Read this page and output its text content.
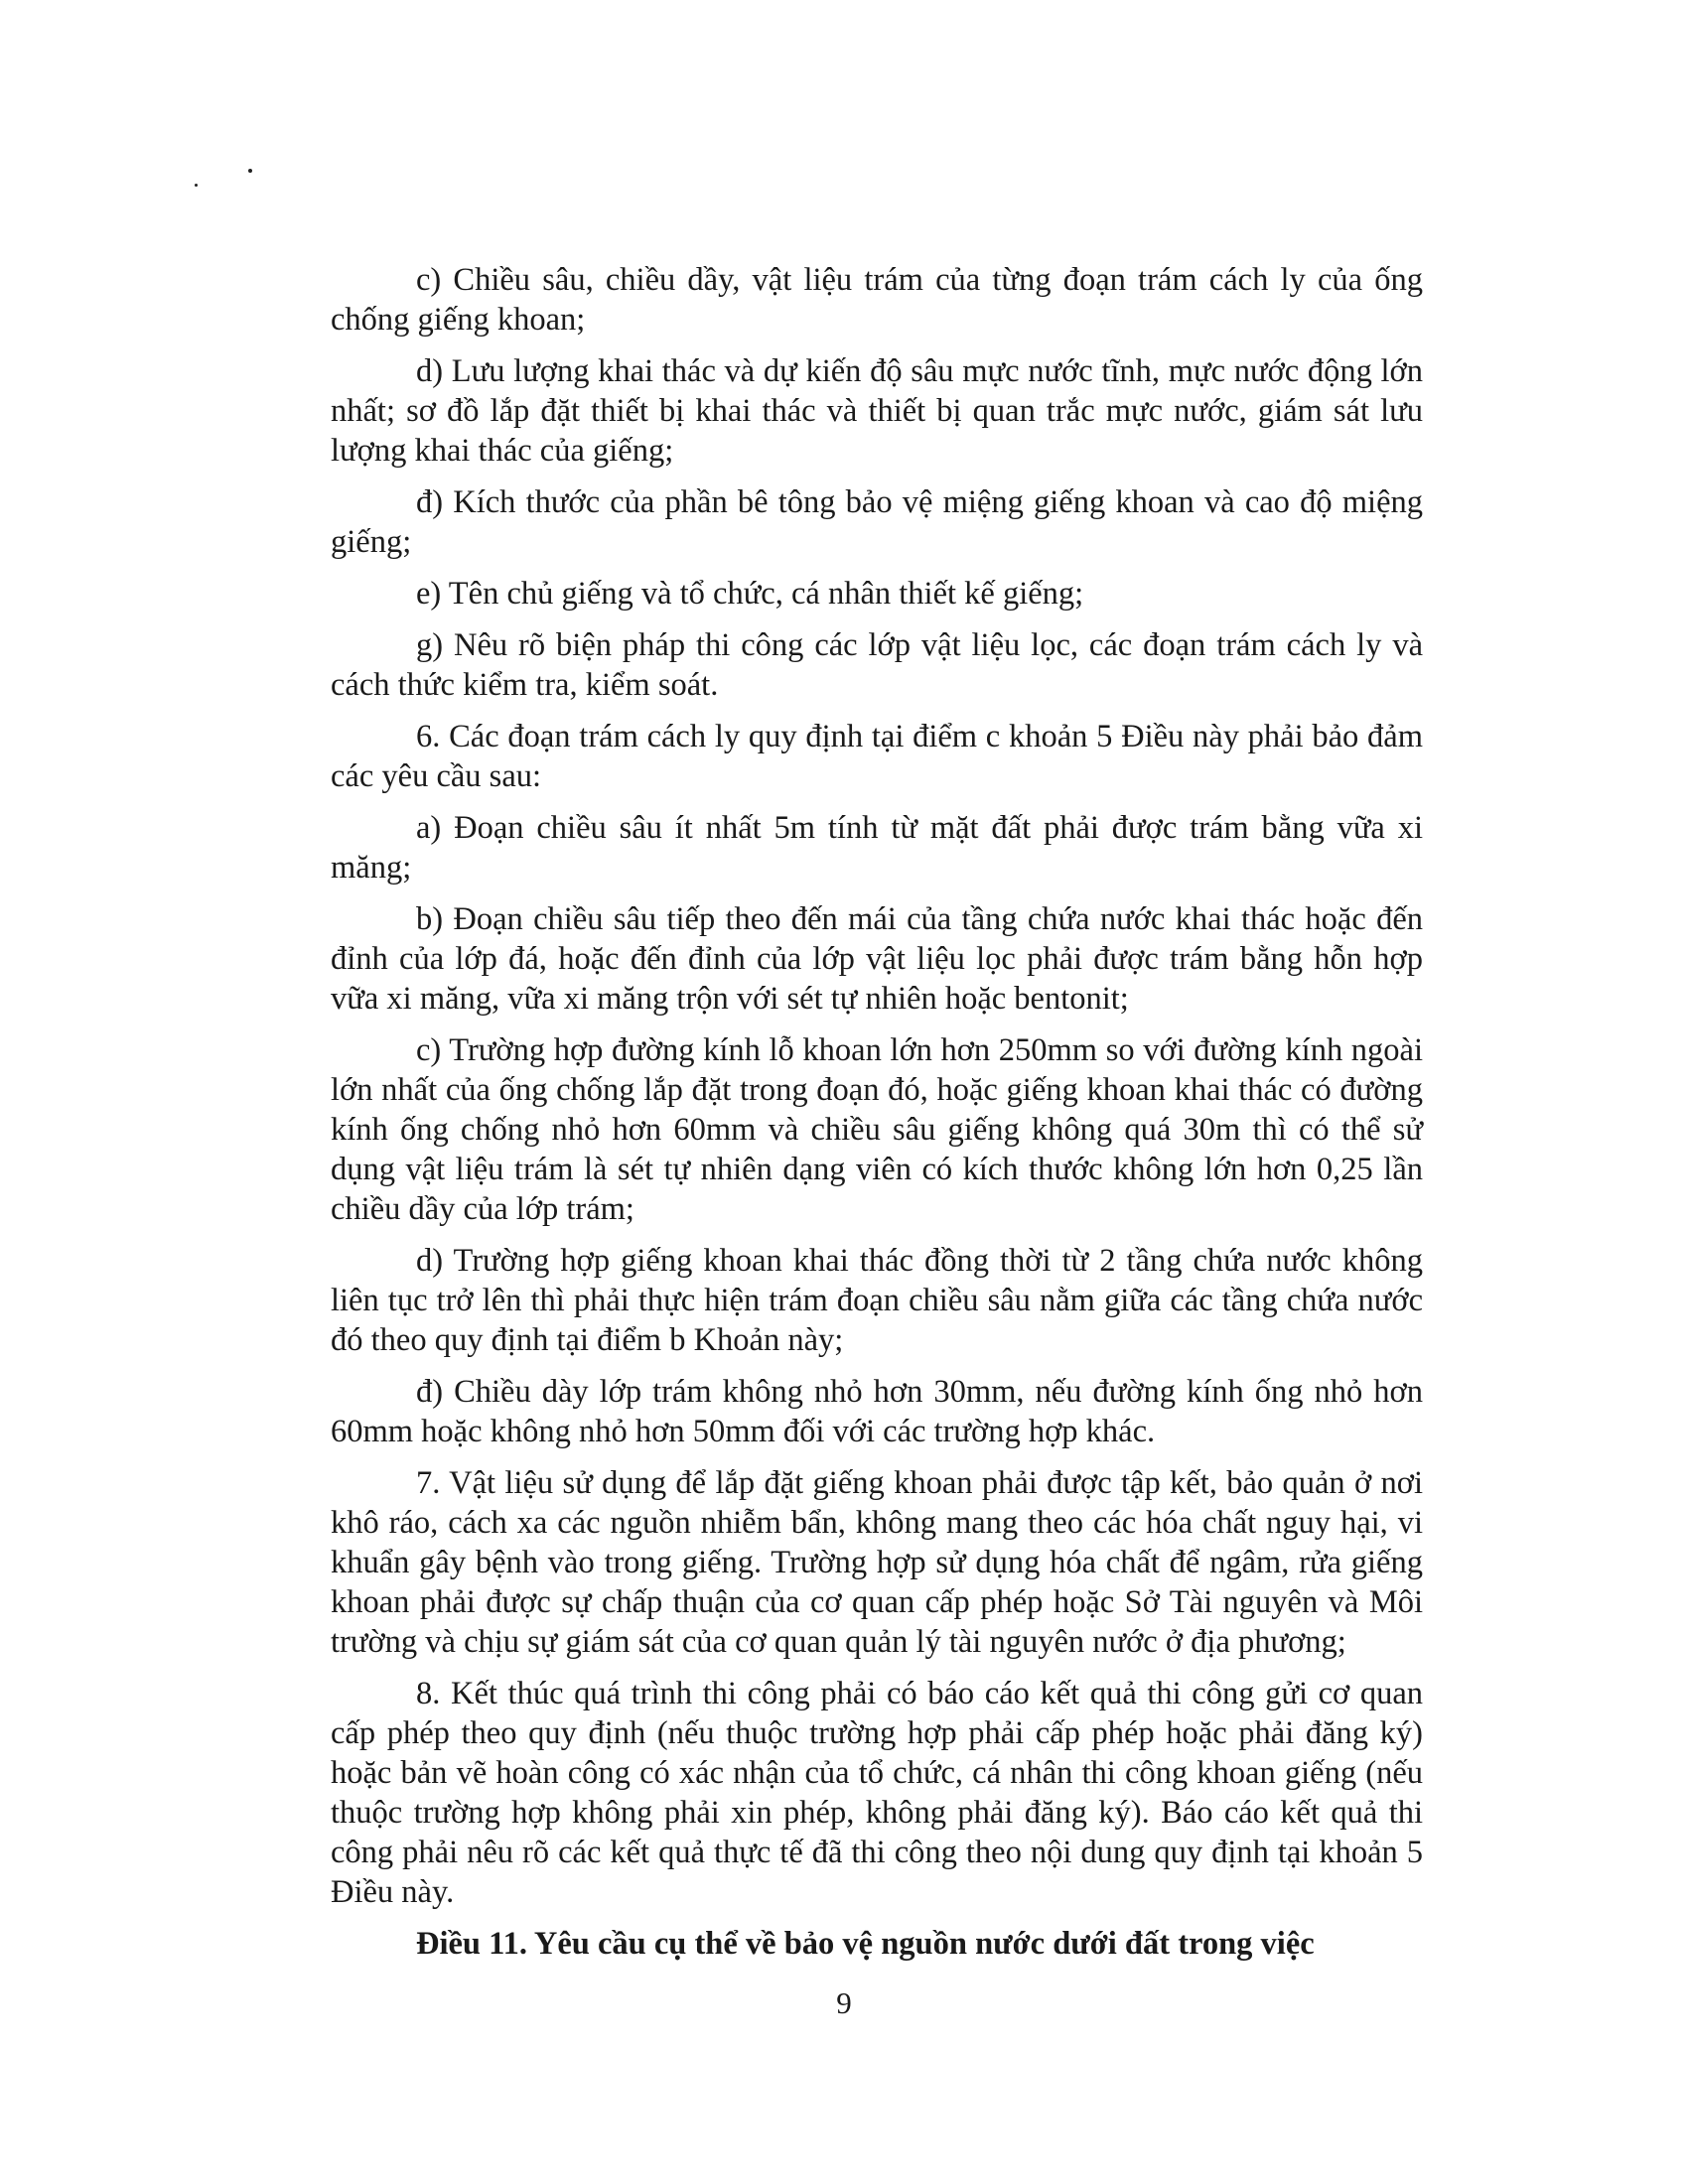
c) Chiều sâu, chiều dầy, vật liệu trám của từng đoạn trám cách ly của ống chống giếng khoan;

d) Lưu lượng khai thác và dự kiến độ sâu mực nước tĩnh, mực nước động lớn nhất; sơ đồ lắp đặt thiết bị khai thác và thiết bị quan trắc mực nước, giám sát lưu lượng khai thác của giếng;

đ) Kích thước của phần bê tông bảo vệ miệng giếng khoan và cao độ miệng giếng;

e) Tên chủ giếng và tổ chức, cá nhân thiết kế giếng;

g) Nêu rõ biện pháp thi công các lớp vật liệu lọc, các đoạn trám cách ly và cách thức kiểm tra, kiểm soát.

6. Các đoạn trám cách ly quy định tại điểm c khoản 5 Điều này phải bảo đảm các yêu cầu sau:

a) Đoạn chiều sâu ít nhất 5m tính từ mặt đất phải được trám bằng vữa xi măng;

b) Đoạn chiều sâu tiếp theo đến mái của tầng chứa nước khai thác hoặc đến đỉnh của lớp đá, hoặc đến đỉnh của lớp vật liệu lọc phải được trám bằng hỗn hợp vữa xi măng, vữa xi măng trộn với sét tự nhiên hoặc bentonit;

c) Trường hợp đường kính lỗ khoan lớn hơn 250mm so với đường kính ngoài lớn nhất của ống chống lắp đặt trong đoạn đó, hoặc giếng khoan khai thác có đường kính ống chống nhỏ hơn 60mm và chiều sâu giếng không quá 30m thì có thể sử dụng vật liệu trám là sét tự nhiên dạng viên có kích thước không lớn hơn 0,25 lần chiều dầy của lớp trám;

d) Trường hợp giếng khoan khai thác đồng thời từ 2 tầng chứa nước không liên tục trở lên thì phải thực hiện trám đoạn chiều sâu nằm giữa các tầng chứa nước đó theo quy định tại điểm b Khoản này;

đ) Chiều dày lớp trám không nhỏ hơn 30mm, nếu đường kính ống nhỏ hơn 60mm hoặc không nhỏ hơn 50mm đối với các trường hợp khác.

7. Vật liệu sử dụng để lắp đặt giếng khoan phải được tập kết, bảo quản ở nơi khô ráo, cách xa các nguồn nhiễm bẩn, không mang theo các hóa chất nguy hại, vi khuẩn gây bệnh vào trong giếng. Trường hợp sử dụng hóa chất để ngâm, rửa giếng khoan phải được sự chấp thuận của cơ quan cấp phép hoặc Sở Tài nguyên và Môi trường và chịu sự giám sát của cơ quan quản lý tài nguyên nước ở địa phương;

8. Kết thúc quá trình thi công phải có báo cáo kết quả thi công gửi cơ quan cấp phép theo quy định (nếu thuộc trường hợp phải cấp phép hoặc phải đăng ký) hoặc bản vẽ hoàn công có xác nhận của tổ chức, cá nhân thi công khoan giếng (nếu thuộc trường hợp không phải xin phép, không phải đăng ký). Báo cáo kết quả thi công phải nêu rõ các kết quả thực tế đã thi công theo nội dung quy định tại khoản 5 Điều này.

Điều 11. Yêu cầu cụ thể về bảo vệ nguồn nước dưới đất trong việc

9
